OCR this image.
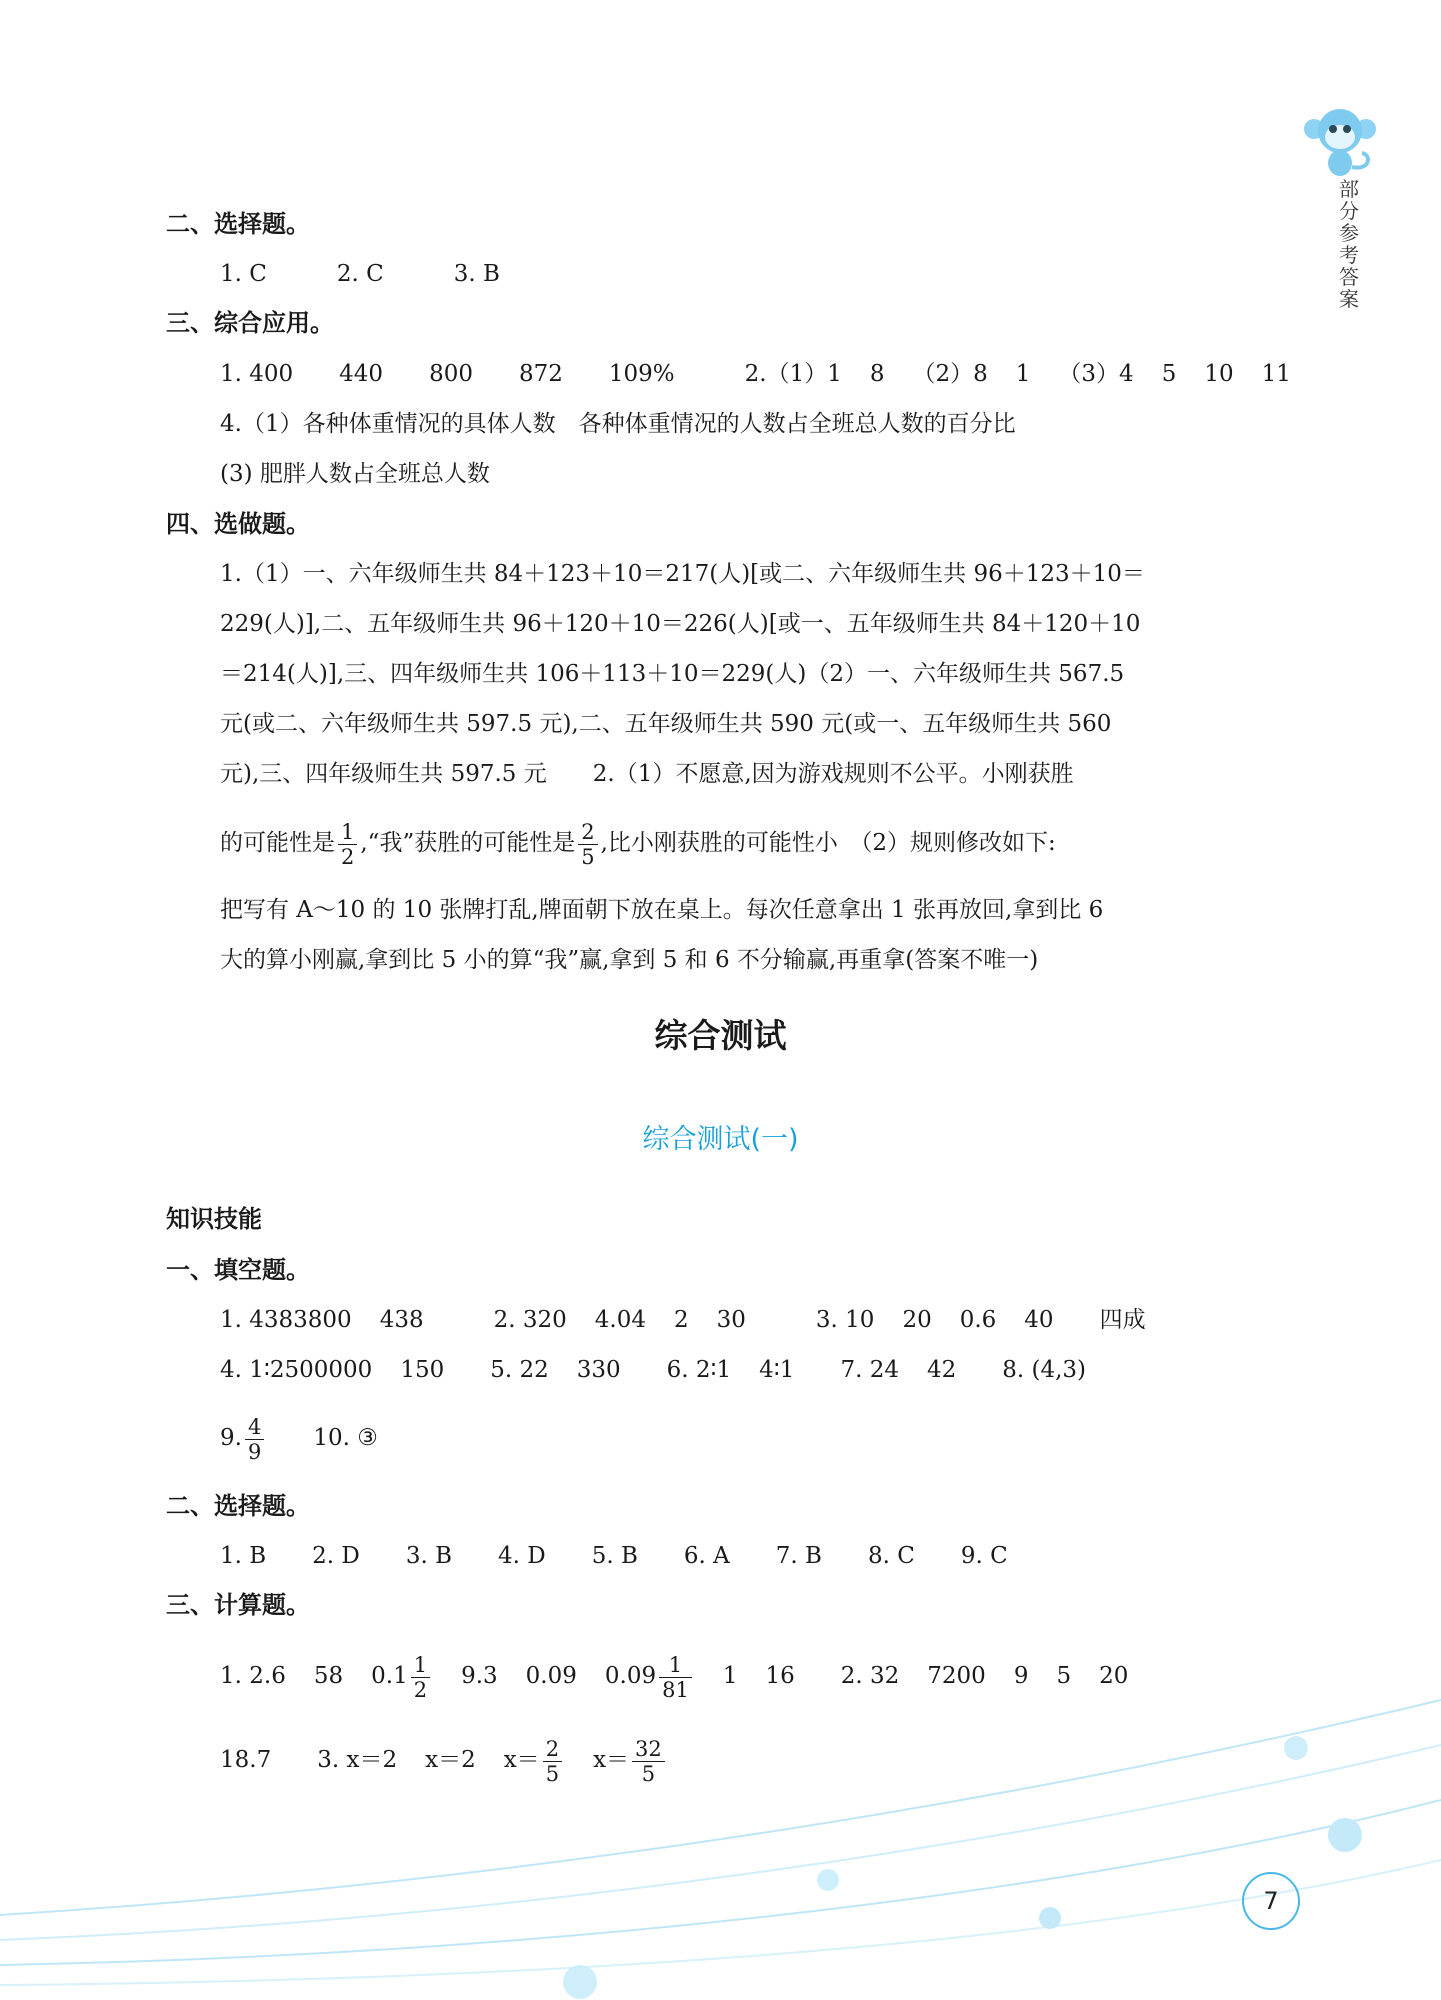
部
分
参
考
答
案
二、选择题。
1. C	2. C	3. B
三、综合应用。
1. 400 440 800 872 109%	2.（1）1 8 （2）8 1 （3）4 5 10 11
4.（1）各种体重情况的具体人数　各种体重情况的人数占全班总人数的百分比
(3) 肥胖人数占全班总人数
四、选做题。
1.（1）一、六年级师生共 84＋123＋10＝217(人)[或二、六年级师生共 96＋123＋10＝
229(人)],二、五年级师生共 96＋120＋10＝226(人)[或一、五年级师生共 84＋120＋10
＝214(人)],三、四年级师生共 106＋113＋10＝229(人)（2）一、六年级师生共 567.5
元(或二、六年级师生共 597.5 元),二、五年级师生共 590 元(或一、五年级师生共 560
元),三、四年级师生共 597.5 元　　2.（1）不愿意,因为游戏规则不公平。小刚获胜
的可能性是 $\frac{1}{2}$ ,“我”获胜的可能性是 $\frac{2}{5}$ ,比小刚获胜的可能性小　（2）规则修改如下:
把写有 A～10 的 10 张牌打乱,牌面朝下放在桌上。每次任意拿出 1 张再放回,拿到比 6
大的算小刚赢,拿到比 5 小的算“我”赢,拿到 5 和 6 不分输赢,再重拿(答案不唯一)
综合测试
综合测试(一)
知识技能
一、填空题。
1. 4383800 438	2. 320 4.04 2 30	3. 10 20 0.6 40 四成
4. 1∶2500000 150 5. 22 330 6. 2∶1 4∶1 7. 24 42 8. (4,3)
9. $\frac{4}{9} 10$. ③
二、选择题。
1. B 2. D 3. B 4. D 5. B 6. A 7. B 8. C 9. C
三、计算题。
1. 2.6 58 $0.1 \frac{1}{2} 9.3$ 0.09 $0.09 \frac{1}{81} 1$ 16 2. 32 7200 9 5 20
18.7 3. x＝2 x＝2 $x= \frac{2}{5} x= \frac{32}{5}$
7
